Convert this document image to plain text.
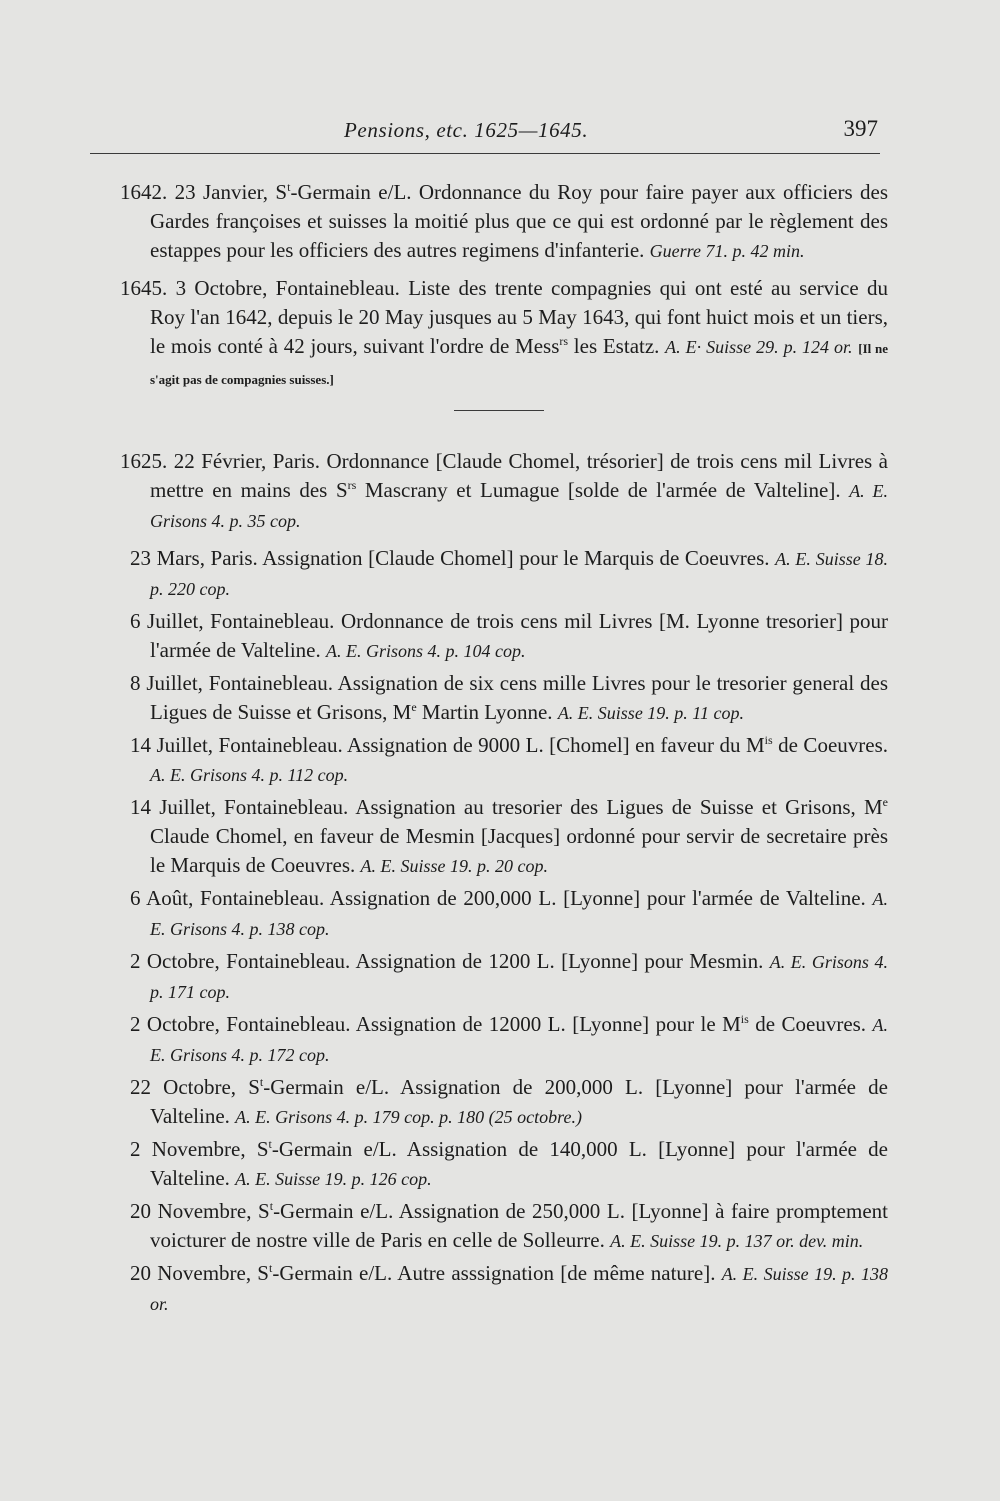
Pensions, etc. 1625—1645.	397

1642. 23 Janvier, $S^t$-Germain e/L. Ordonnance du Roy pour faire payer aux officiers des Gardes françoises et suisses la moitié plus que ce qui est ordonné par le règlement des estappes pour les officiers des autres regimens d'infanterie. Guerre 71. p. 42 min.

1645. 3 Octobre, Fontainebleau. Liste des trente compagnies qui ont esté au service du Roy l'an 1642, depuis le 20 May jusques au 5 May 1643, qui font huict mois et un tiers, le mois conté à 42 jours, suivant l'ordre de Mess$^{rs}$ les Estatz. A. E· Suisse 29. p. 124 or. [Il ne s'agit pas de compagnies suisses.]

1625. 22 Février, Paris. Ordonnance [Claude Chomel, trésorier] de trois cens mil Livres à mettre en mains des $S^{rs}$ Mascrany et Lumague [solde de l'armée de Valteline]. A. E. Grisons 4. p. 35 cop.

23 Mars, Paris. Assignation [Claude Chomel] pour le Marquis de Coeuvres. A. E. Suisse 18. p. 220 cop.

6 Juillet, Fontainebleau. Ordonnance de trois cens mil Livres [M. Lyonne tresorier] pour l'armée de Valteline. A. E. Grisons 4. p. 104 cop.

8 Juillet, Fontainebleau. Assignation de six cens mille Livres pour le tresorier general des Ligues de Suisse et Grisons, Me Martin Lyonne. A. E. Suisse 19. p. 11 cop.

14 Juillet, Fontainebleau. Assignation de 9000 L. [Chomel] en faveur du $M^{is}$ de Coeuvres. A. E. Grisons 4. p. 112 cop.

14 Juillet, Fontainebleau. Assignation au tresorier des Ligues de Suisse et Grisons, Me Claude Chomel, en faveur de Mesmin [Jacques] ordonné pour servir de secretaire près le Marquis de Coeuvres. A. E. Suisse 19. p. 20 cop.

6 Août, Fontainebleau. Assignation de 200,000 L. [Lyonne] pour l'armée de Valteline. A. E. Grisons 4. p. 138 cop.

2 Octobre, Fontainebleau. Assignation de 1200 L. [Lyonne] pour Mesmin. A. E. Grisons 4. p. 171 cop.

2 Octobre, Fontainebleau. Assignation de 12000 L. [Lyonne] pour le $M^{is}$ de Coeuvres. A. E. Grisons 4. p. 172 cop.

22 Octobre, $S^t$-Germain e/L. Assignation de 200,000 L. [Lyonne] pour l'armée de Valteline. A. E. Grisons 4. p. 179 cop. p. 180 (25 octobre.)

2 Novembre, $S^t$-Germain e/L. Assignation de 140,000 L. [Lyonne] pour l'armée de Valteline. A. E. Suisse 19. p. 126 cop.

20 Novembre, $S^t$-Germain e/L. Assignation de 250,000 L. [Lyonne] à faire promptement voicturer de nostre ville de Paris en celle de Solleurre. A. E. Suisse 19. p. 137 or. dev. min.

20 Novembre, $S^t$-Germain e/L. Autre asssignation [de même nature]. A. E. Suisse 19. p. 138 or.
